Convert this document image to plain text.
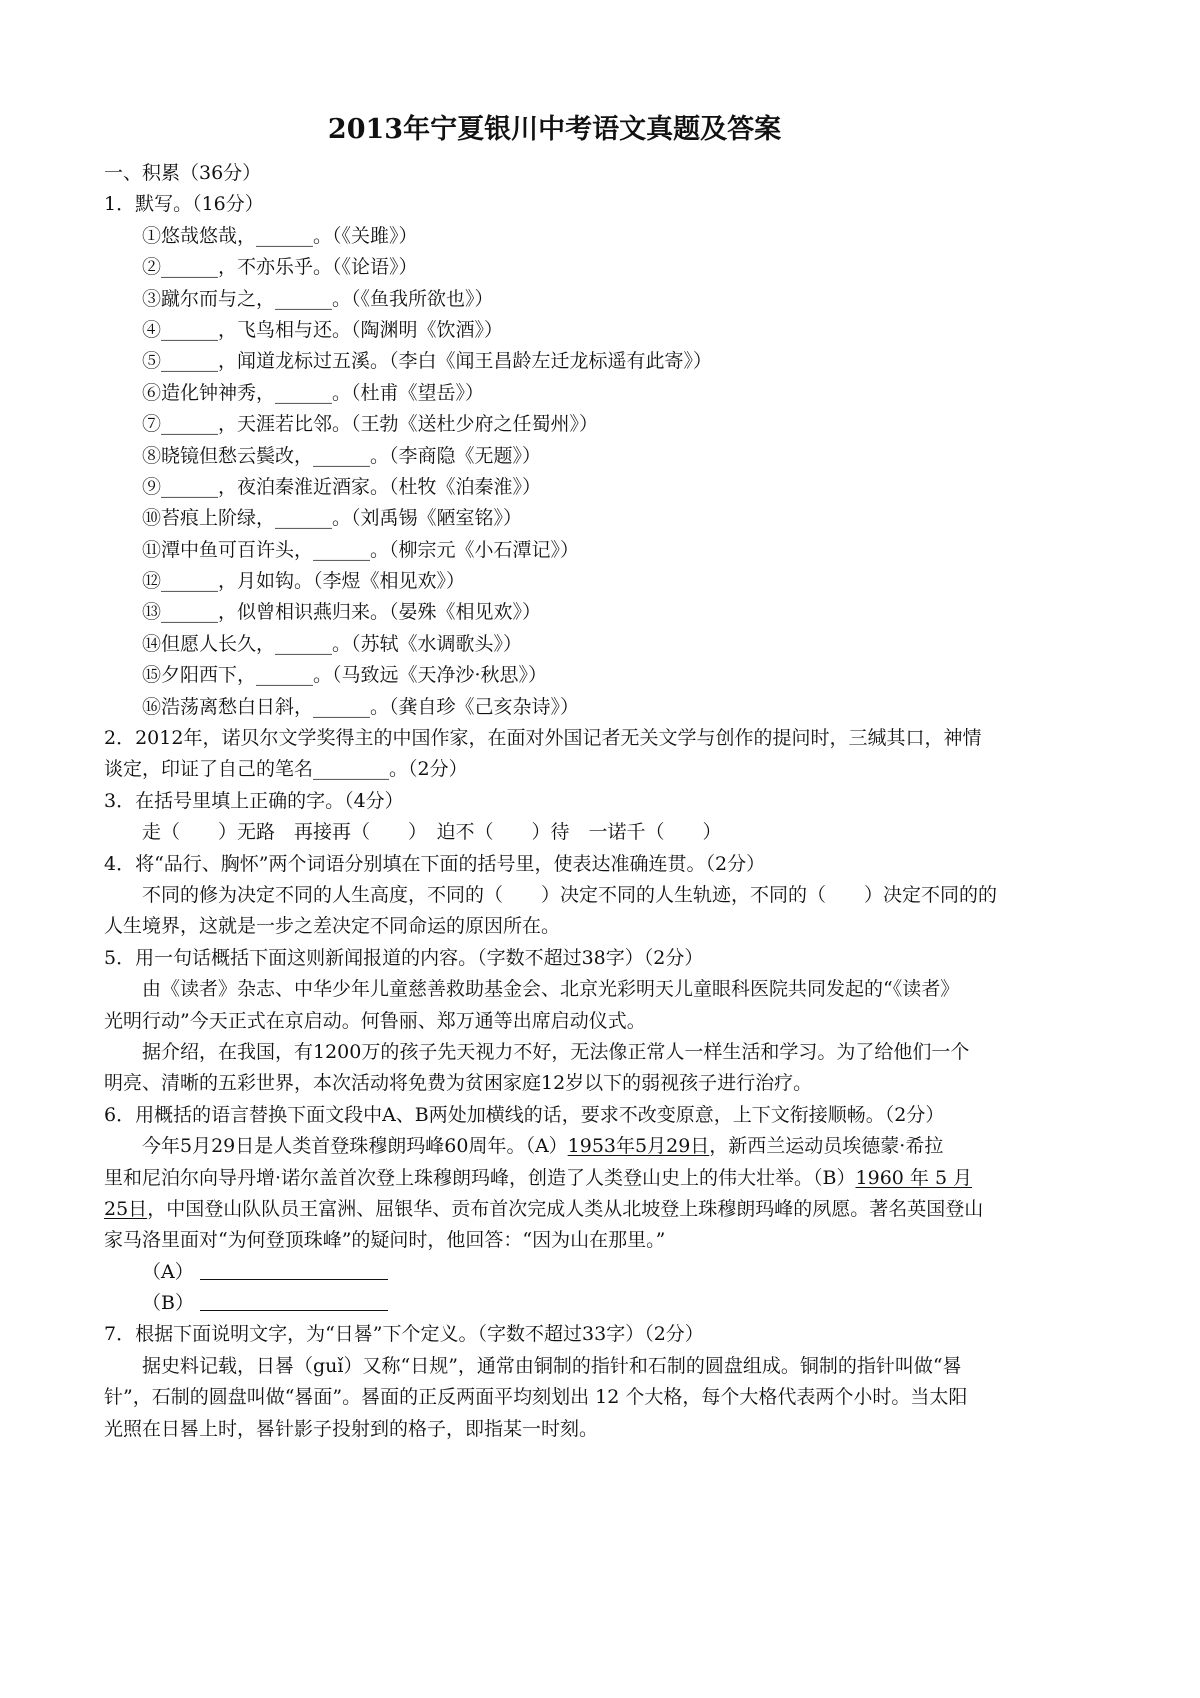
2013年宁夏银川中考语文真题及答案
一、积累（36分）
1．默写。（16分）
①悠哉悠哉，______。（《关雎》）
②______，不亦乐乎。（《论语》）
③蹴尔而与之，______。（《鱼我所欲也》）
④______，飞鸟相与还。（陶渊明《饮酒》）
⑤______，闻道龙标过五溪。（李白《闻王昌龄左迁龙标遥有此寄》）
⑥造化钟神秀，______。（杜甫《望岳》）
⑦______，天涯若比邻。（王勃《送杜少府之任蜀州》）
⑧晓镜但愁云鬓改，______。（李商隐《无题》）
⑨______，夜泊秦淮近酒家。（杜牧《泊秦淮》）
⑩苔痕上阶绿，______。（刘禹锡《陋室铭》）
⑪潭中鱼可百许头，______。（柳宗元《小石潭记》）
⑫______，月如钩。（李煜《相见欢》）
⑬______，似曾相识燕归来。（晏殊《相见欢》）
⑭但愿人长久，______。（苏轼《水调歌头》）
⑮夕阳西下，______。（马致远《天净沙·秋思》）
⑯浩荡离愁白日斜，______。（龚自珍《己亥杂诗》）
2．2012年，诺贝尔文学奖得主的中国作家，在面对外国记者无关文学与创作的提问时，三缄其口，神情
谈定，印证了自己的笔名________。（2分）
3．在括号里填上正确的字。（4分）
走（　　）无路　再接再（　　）　迫不（　　）待　一诺千（　　）
4．将“品行、胸怀”两个词语分别填在下面的括号里，使表达准确连贯。（2分）
不同的修为决定不同的人生高度，不同的（　　）决定不同的人生轨迹，不同的（　　）决定不同的的
人生境界，这就是一步之差决定不同命运的原因所在。
5．用一句话概括下面这则新闻报道的内容。（字数不超过38字）（2分）
由《读者》杂志、中华少年儿童慈善救助基金会、北京光彩明天儿童眼科医院共同发起的“《读者》
光明行动”今天正式在京启动。何鲁丽、郑万通等出席启动仪式。
据介绍，在我国，有1200万的孩子先天视力不好，无法像正常人一样生活和学习。为了给他们一个
明亮、清晰的五彩世界，本次活动将免费为贫困家庭12岁以下的弱视孩子进行治疗。
6．用概括的语言替换下面文段中A、B两处加横线的话，要求不改变原意，上下文衔接顺畅。（2分）
今年5月29日是人类首登珠穆朗玛峰60周年。（A）1953年5月29日，新西兰运动员埃德蒙·希拉
里和尼泊尔向导丹增·诺尔盖首次登上珠穆朗玛峰，创造了人类登山史上的伟大壮举。（B）1960 年 5 月
25日，中国登山队队员王富洲、屈银华、贡布首次完成人类从北坡登上珠穆朗玛峰的夙愿。著名英国登山
家马洛里面对“为何登顶珠峰”的疑问时，他回答：“因为山在那里。”
（A）
（B）
7．根据下面说明文字，为“日晷”下个定义。（字数不超过33字）（2分）
据史料记载，日晷（guǐ）又称“日规”，通常由铜制的指针和石制的圆盘组成。铜制的指针叫做“晷
针”，石制的圆盘叫做“晷面”。晷面的正反两面平均刻划出 12 个大格，每个大格代表两个小时。当太阳
光照在日晷上时，晷针影子投射到的格子，即指某一时刻。
